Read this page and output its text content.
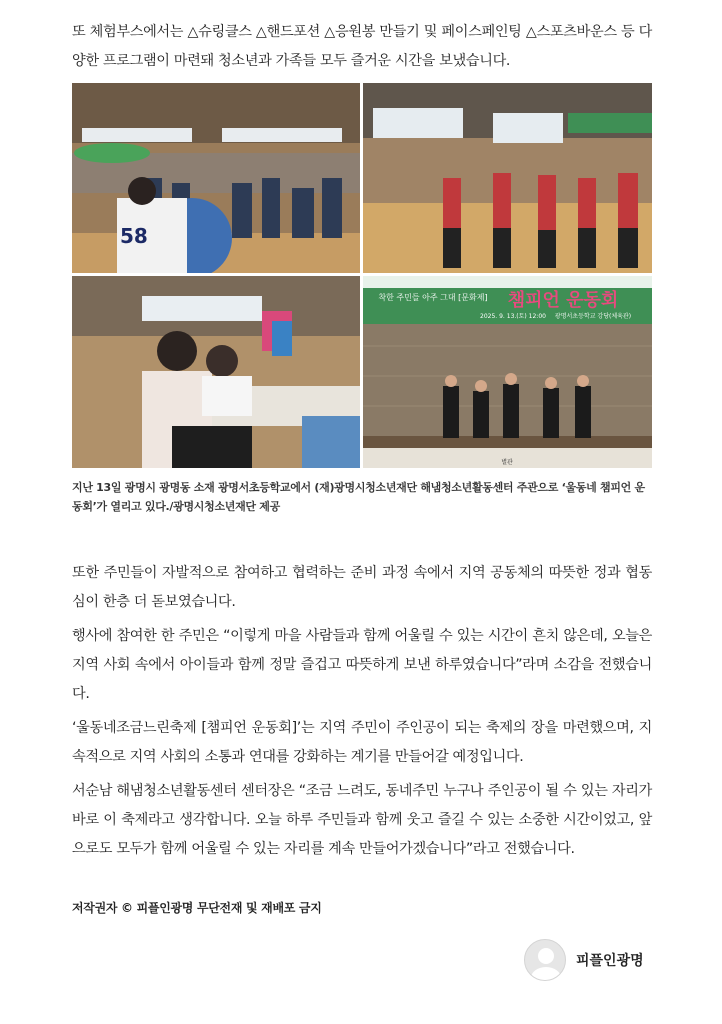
또 체험부스에서는 △슈링클스 △핸드포션 △응원봉 만들기 및 페이스페인팅 △스포츠바운스 등 다양한 프로그램이 마련돼 청소년과 가족들 모두 즐거운 시간을 보냈습니다.

58
챔피언 운동회
착한 주민들 아주 그대 [문화제]
2025. 9. 13.(토) 12:00 광명서초등학교 강당(체육관)
별관

지난 13일 광명시 광명동 소재 광명서초등학교에서 (재)광명시청소년재단 해냄청소년활동센터 주관으로 ‘울동네 챔피언 운동회’가 열리고 있다./광명시청소년재단 제공

또한 주민들이 자발적으로 참여하고 협력하는 준비 과정 속에서 지역 공동체의 따뜻한 정과 협동심이 한층 더 돋보였습니다.

행사에 참여한 한 주민은 “이렇게 마을 사람들과 함께 어울릴 수 있는 시간이 흔치 않은데, 오늘은 지역 사회 속에서 아이들과 함께 정말 즐겁고 따뜻하게 보낸 하루였습니다”라며 소감을 전했습니다.

‘울동네조금느린축제 [챔피언 운동회]’는 지역 주민이 주인공이 되는 축제의 장을 마련했으며, 지속적으로 지역 사회의 소통과 연대를 강화하는 계기를 만들어갈 예정입니다.

서순남 해냄청소년활동센터 센터장은 “조금 느려도, 동네주민 누구나 주인공이 될 수 있는 자리가 바로 이 축제라고 생각합니다. 오늘 하루 주민들과 함께 웃고 즐길 수 있는 소중한 시간이었고, 앞으로도 모두가 함께 어울릴 수 있는 자리를 계속 만들어가겠습니다”라고 전했습니다.

저작권자 © 피플인광명 무단전재 및 재배포 금지

피플인광명
